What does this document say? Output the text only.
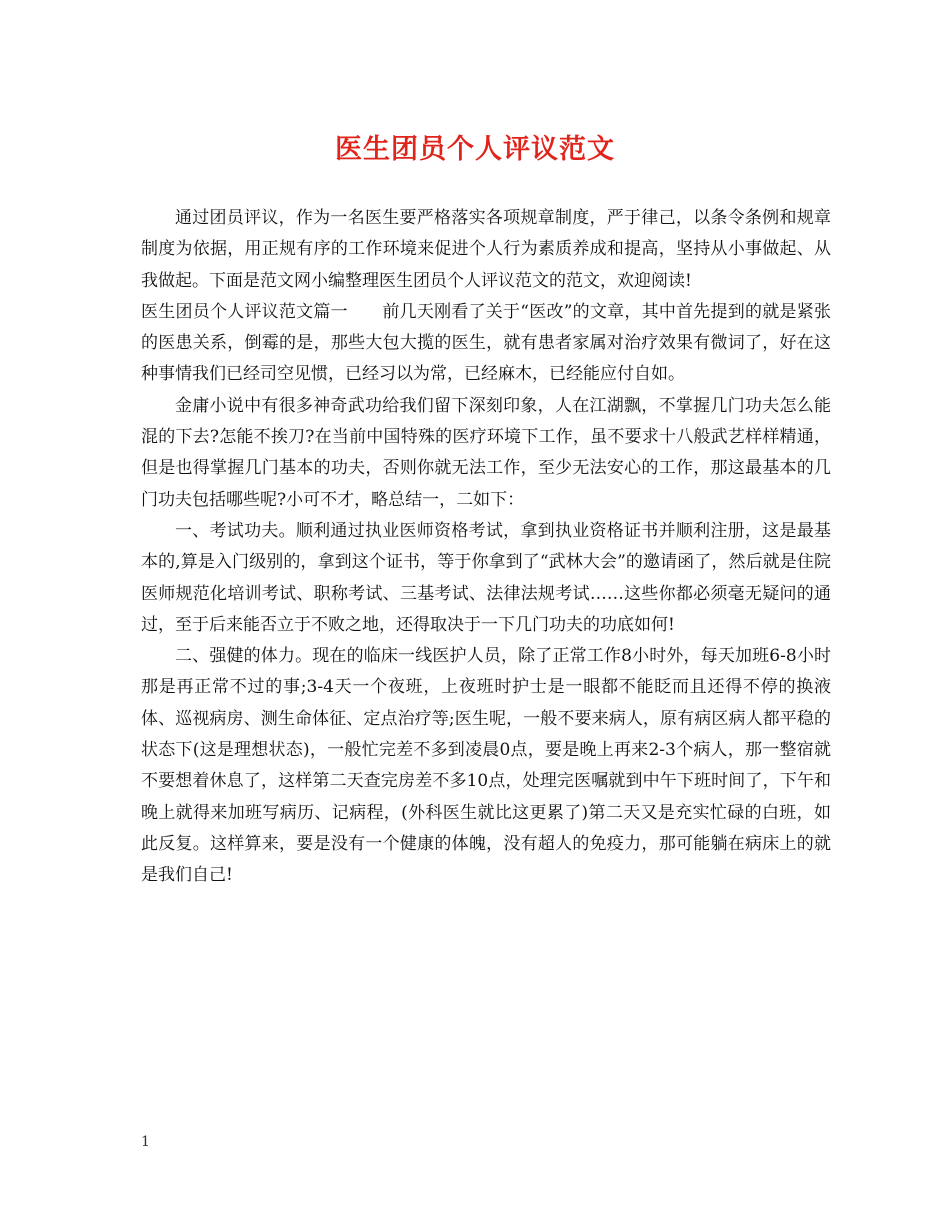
医生团员个人评议范文

通过团员评议，作为一名医生要严格落实各项规章制度，严于律己，以条令条例和规章制度为依据，用正规有序的工作环境来促进个人行为素质养成和提高，坚持从小事做起、从我做起。下面是范文网小编整理医生团员个人评议范文的范文，欢迎阅读!

医生团员个人评议范文篇一　　前几天刚看了关于“医改”的文章，其中首先提到的就是紧张的医患关系，倒霉的是，那些大包大揽的医生，就有患者家属对治疗效果有微词了，好在这种事情我们已经司空见惯，已经习以为常，已经麻木，已经能应付自如。

金庸小说中有很多神奇武功给我们留下深刻印象，人在江湖飘，不掌握几门功夫怎么能混的下去?怎能不挨刀?在当前中国特殊的医疗环境下工作，虽不要求十八般武艺样样精通，但是也得掌握几门基本的功夫，否则你就无法工作，至少无法安心的工作，那这最基本的几门功夫包括哪些呢?小可不才，略总结一，二如下：

一、考试功夫。顺利通过执业医师资格考试，拿到执业资格证书并顺利注册，这是最基本的,算是入门级别的，拿到这个证书，等于你拿到了“武林大会”的邀请函了，然后就是住院医师规范化培训考试、职称考试、三基考试、法律法规考试……这些你都必须毫无疑问的通过，至于后来能否立于不败之地，还得取决于一下几门功夫的功底如何!

二、强健的体力。现在的临床一线医护人员，除了正常工作8小时外，每天加班6-8小时那是再正常不过的事;3-4天一个夜班，上夜班时护士是一眼都不能眨而且还得不停的换液体、巡视病房、测生命体征、定点治疗等;医生呢，一般不要来病人，原有病区病人都平稳的状态下(这是理想状态)，一般忙完差不多到凌晨0点，要是晚上再来2-3个病人，那一整宿就不要想着休息了，这样第二天查完房差不多10点，处理完医嘱就到中午下班时间了，下午和晚上就得来加班写病历、记病程，(外科医生就比这更累了)第二天又是充实忙碌的白班，如此反复。这样算来，要是没有一个健康的体魄，没有超人的免疫力，那可能躺在病床上的就是我们自己!

1
